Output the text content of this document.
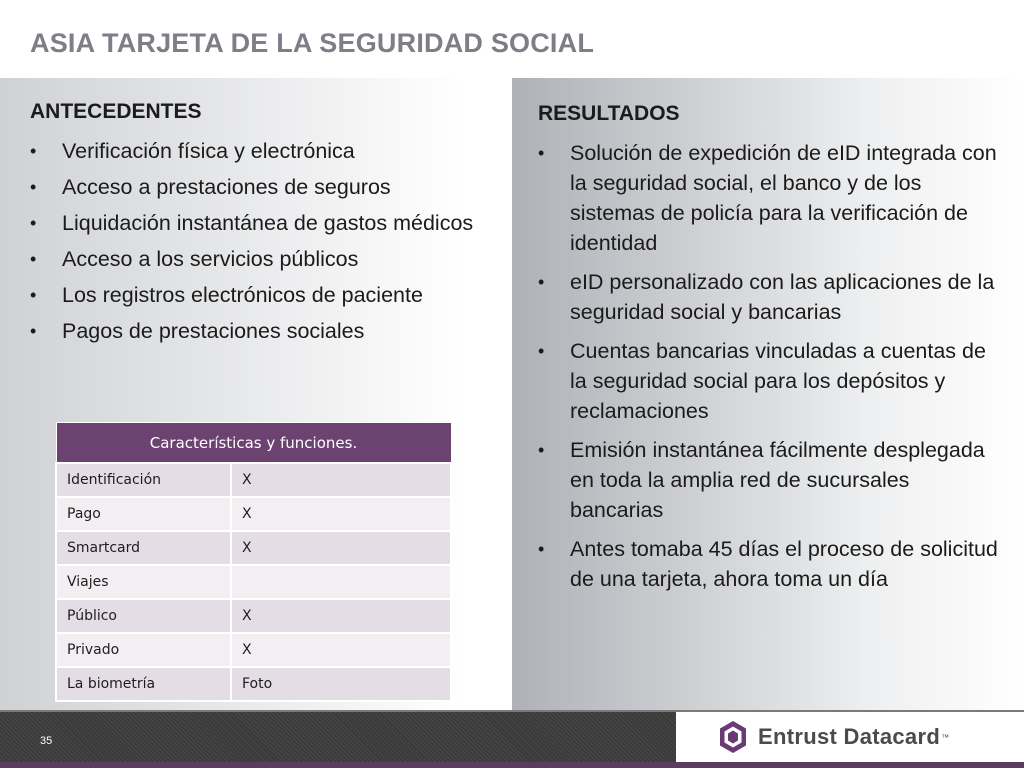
ASIA TARJETA DE LA SEGURIDAD SOCIAL
ANTECEDENTES
• Verificación física y electrónica
• Acceso a prestaciones de seguros
• Liquidación instantánea de gastos médicos
• Acceso a los servicios públicos
• Los registros electrónicos de paciente
• Pagos de prestaciones sociales
Características y funciones.	
Identificación	X
Pago	X
Smartcard	X
Viajes	
Público	X
Privado	X
La biometría	Foto
RESULTADOS
• Solución de expedición de eID integrada con la seguridad social, el banco y de los sistemas de policía para la verificación de identidad
• eID personalizado con las aplicaciones de la seguridad social y bancarias
• Cuentas bancarias vinculadas a cuentas de la seguridad social para los depósitos y reclamaciones
• Emisión instantánea fácilmente desplegada en toda la amplia red de sucursales bancarias
• Antes tomaba 45 días el proceso de solicitud de una tarjeta, ahora toma un día
35	Entrust Datacard ™
